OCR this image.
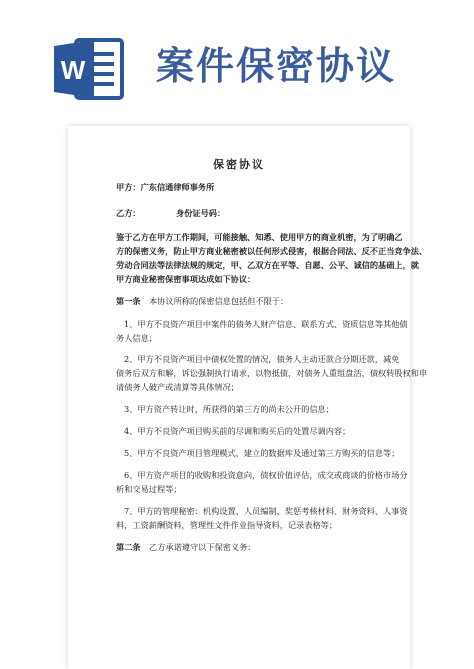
W 案件保密协议
保密协议
甲方：广东信通律师事务所
乙方：	身份证号码：
鉴于乙方在甲方工作期间，可能接触、知悉、使用甲方的商业机密，为了明确乙
方的保密义务，防止甲方商业秘密被以任何形式侵害，根据合同法、反不正当竞争法、
劳动合同法等法律法规的规定，甲、乙双方在平等、自愿、公平、诚信的基础上，就
甲方商业秘密保密事项达成如下协议：
第一条 本协议所称的保密信息包括但不限于：
1、甲方不良资产项目中案件的债务人财产信息、联系方式、资质信息等其他债
务人信息；
2、甲方不良资产项目中债权处置的情况，债务人主动还款合分期还款，减免
债务后双方和解，诉讼强制执行请求，以物抵债，对债务人重组盘活，债权转股权和申
请债务人破产或清算等具体情况；
3、甲方资产转让时，所获得的第三方的尚未公开的信息；
4、甲方不良资产项目购买前的尽调和购买后的处置尽调内容；
5、甲方不良资产项目管理模式，建立的数据库及通过第三方购买的信息等；
6、甲方资产项目的收购和投资意向，债权价值评估，成交或商谈的价格市场分
析和交易过程等；
7、甲方的管理秘密：机构设置、人员编制、奖惩考核材料、财务资料、人事资
料，工资薪酬资料，管理性文件作业指导资料，记录表格等；
第二条 乙方承诺遵守以下保密义务：
